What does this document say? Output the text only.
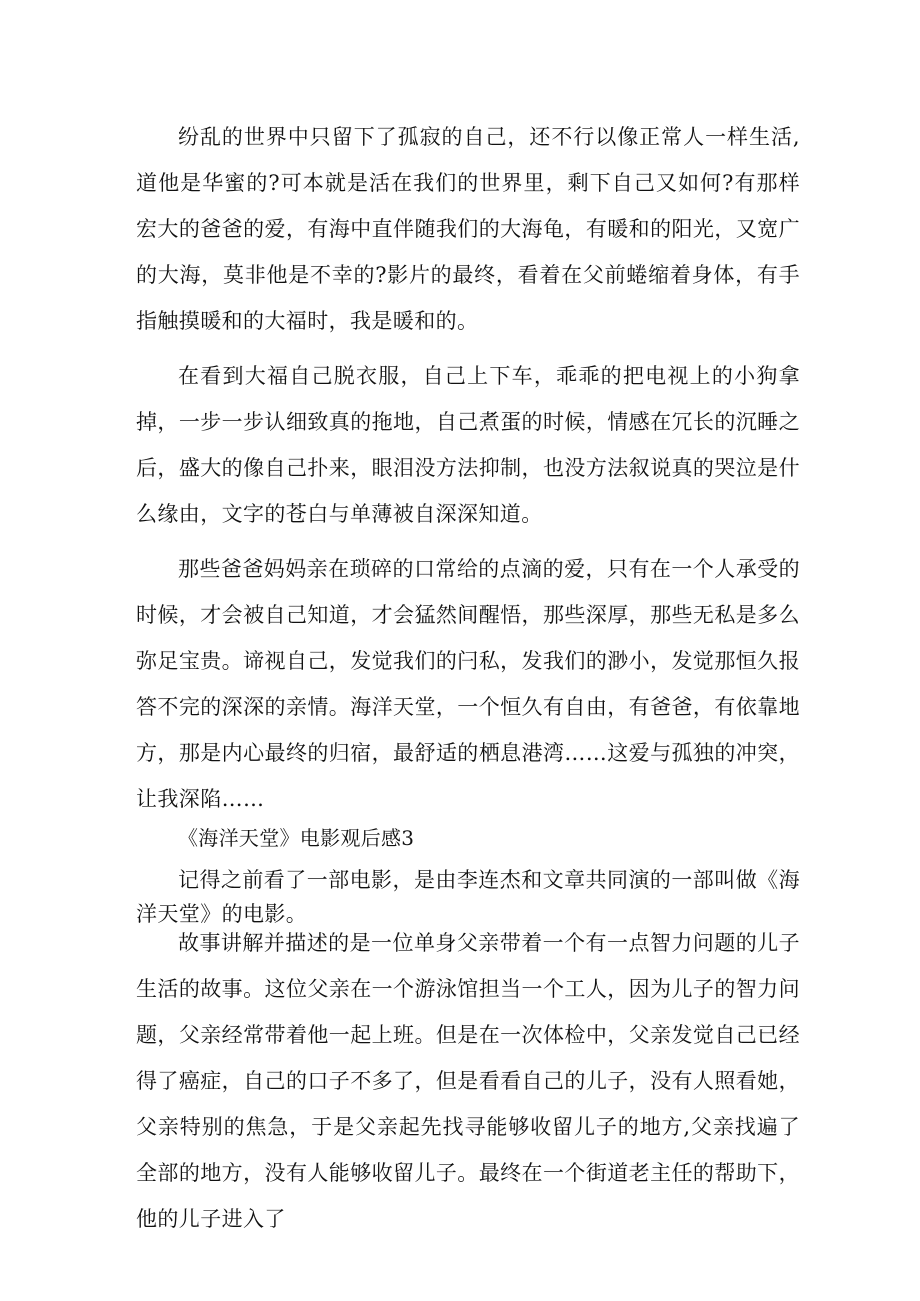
纷乱的世界中只留下了孤寂的自己，还不行以像正常人一样生活,道他是华蜜的?可本就是活在我们的世界里，剩下自己又如何?有那样宏大的爸爸的爱，有海中直伴随我们的大海龟，有暖和的阳光，又宽广的大海，莫非他是不幸的?影片的最终，看着在父前蜷缩着身体，有手指触摸暖和的大福时，我是暖和的。

在看到大福自己脱衣服，自己上下车，乖乖的把电视上的小狗拿掉，一步一步认细致真的拖地，自己煮蛋的时候，情感在冗长的沉睡之后，盛大的像自己扑来，眼泪没方法抑制，也没方法叙说真的哭泣是什么缘由，文字的苍白与单薄被自深深知道。

那些爸爸妈妈亲在琐碎的口常给的点滴的爱，只有在一个人承受的时候，才会被自己知道，才会猛然间醒悟，那些深厚，那些无私是多么弥足宝贵。谛视自己，发觉我们的闩私，发我们的渺小，发觉那恒久报答不完的深深的亲情。海洋天堂，一个恒久有自由，有爸爸，有依靠地方，那是内心最终的归宿，最舒适的栖息港湾……这爱与孤独的冲突，让我深陷……

《海洋天堂》电影观后感3

记得之前看了一部电影，是由李连杰和文章共同演的一部叫做《海洋天堂》的电影。

故事讲解并描述的是一位单身父亲带着一个有一点智力问题的儿子生活的故事。这位父亲在一个游泳馆担当一个工人，因为儿子的智力问题，父亲经常带着他一起上班。但是在一次体检中，父亲发觉自己已经得了癌症，自己的口子不多了，但是看看自己的儿子，没有人照看她，父亲特别的焦急，于是父亲起先找寻能够收留儿子的地方,父亲找遍了全部的地方，没有人能够收留儿子。最终在一个街道老主任的帮助下，他的儿子进入了
